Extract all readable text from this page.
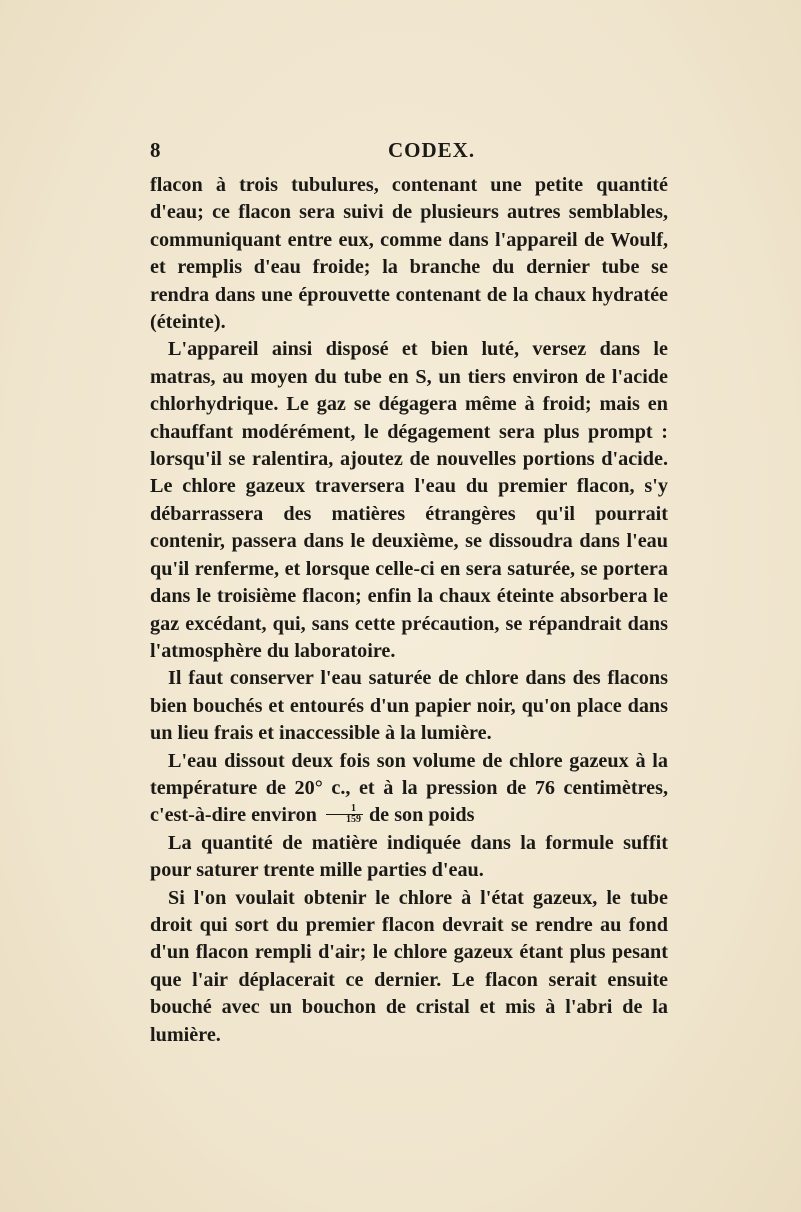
8	CODEX.

flacon à trois tubulures, contenant une petite quantité d'eau; ce flacon sera suivi de plusieurs autres semblables, communiquant entre eux, comme dans l'appareil de Woulf, et remplis d'eau froide; la branche du dernier tube se rendra dans une éprouvette contenant de la chaux hydratée (éteinte).

L'appareil ainsi disposé et bien luté, versez dans le matras, au moyen du tube en S, un tiers environ de l'acide chlorhydrique. Le gaz se dégagera même à froid; mais en chauffant modérément, le dégagement sera plus prompt : lorsqu'il se ralentira, ajoutez de nouvelles portions d'acide. Le chlore gazeux traversera l'eau du premier flacon, s'y débarrassera des matières étrangères qu'il pourrait contenir, passera dans le deuxième, se dissoudra dans l'eau qu'il renferme, et lorsque celle-ci en sera saturée, se portera dans le troisième flacon; enfin la chaux éteinte absorbera le gaz excédant, qui, sans cette précaution, se répandrait dans l'atmosphère du laboratoire.

Il faut conserver l'eau saturée de chlore dans des flacons bien bouchés et entourés d'un papier noir, qu'on place dans un lieu frais et inaccessible à la lumière.

L'eau dissout deux fois son volume de chlore gazeux à la température de 20° c., et à la pression de 76 centimètres, c'est-à-dire environ $\frac{1}{159}$ de son poids

La quantité de matière indiquée dans la formule suffit pour saturer trente mille parties d'eau.

Si l'on voulait obtenir le chlore à l'état gazeux, le tube droit qui sort du premier flacon devrait se rendre au fond d'un flacon rempli d'air; le chlore gazeux étant plus pesant que l'air déplacerait ce dernier. Le flacon serait ensuite bouché avec un bouchon de cristal et mis à l'abri de la lumière.
